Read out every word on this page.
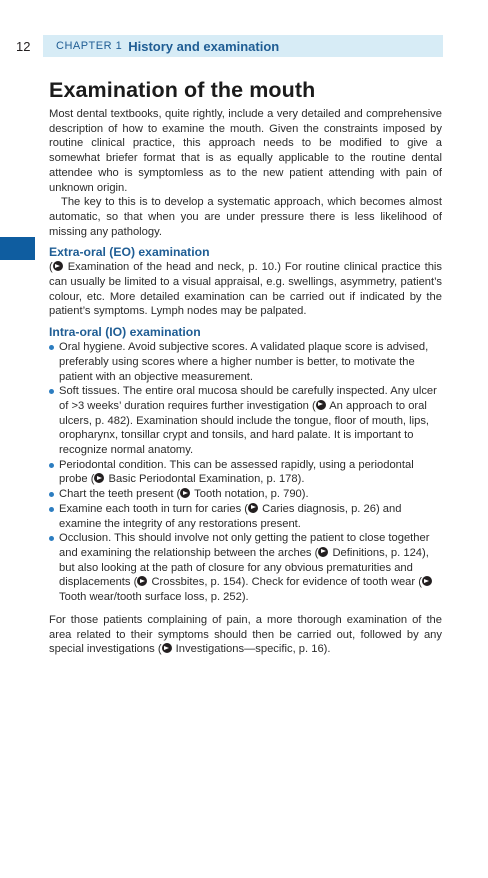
12 CHAPTER 1 History and examination
Examination of the mouth

Most dental textbooks, quite rightly, include a very detailed and comprehensive description of how to examine the mouth. Given the constraints imposed by routine clinical practice, this approach needs to be modified to give a somewhat briefer format that is as equally applicable to the routine dental attendee who is symptomless as to the new patient attending with pain of unknown origin.

The key to this is to develop a systematic approach, which becomes almost automatic, so that when you are under pressure there is less likelihood of missing any pathology.

Extra-oral (EO) examination

( Examination of the head and neck, p. 10.) For routine clinical practice this can usually be limited to a visual appraisal, e.g. swellings, asymmetry, patient’s colour, etc. More detailed examination can be carried out if indicated by the patient’s symptoms. Lymph nodes may be palpated.

Intra-oral (IO) examination
Oral hygiene. Avoid subjective scores. A validated plaque score is advised, preferably using scores where a higher number is better, to motivate the patient with an objective measurement.
Soft tissues. The entire oral mucosa should be carefully inspected. Any ulcer of >3 weeks’ duration requires further investigation ( An approach to oral ulcers, p. 482). Examination should include the tongue, floor of mouth, lips, oropharynx, tonsillar crypt and tonsils, and hard palate. It is important to recognize normal anatomy.
Periodontal condition. This can be assessed rapidly, using a periodontal probe ( Basic Periodontal Examination, p. 178).
Chart the teeth present ( Tooth notation, p. 790).
Examine each tooth in turn for caries ( Caries diagnosis, p. 26) and examine the integrity of any restorations present.
Occlusion. This should involve not only getting the patient to close together and examining the relationship between the arches ( Definitions, p. 124), but also looking at the path of closure for any obvious prematurities and displacements ( Crossbites, p. 154). Check for evidence of tooth wear ( Tooth wear/tooth surface loss, p. 252).

For those patients complaining of pain, a more thorough examination of the area related to their symptoms should then be carried out, followed by any special investigations ( Investigations—specific, p. 16).
